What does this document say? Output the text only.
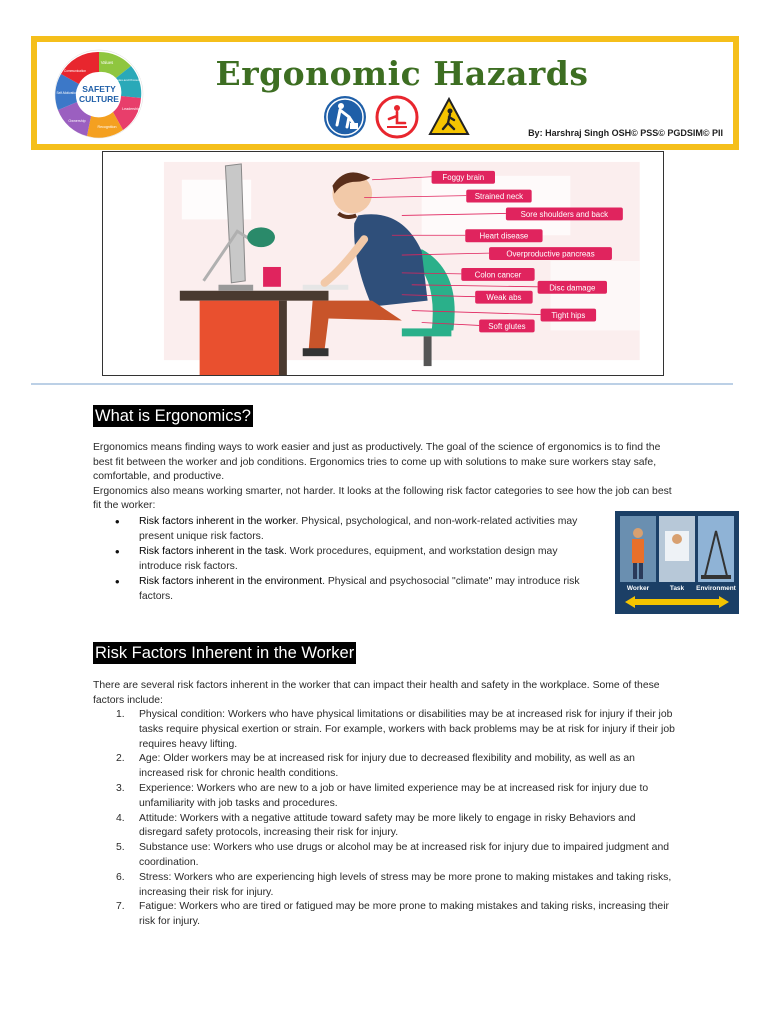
SAFETY
CULTURE
Values
Rules and Procedures
Leadership
Recognition
Ownership
Self-Motivation
Communication	Ergonomic Hazards
By: Harshraj Singh OSH© PSS© PGDSIM© PII
Foggy brain
Strained neck
Sore shoulders and back
Heart disease
Overproductive pancreas
Colon cancer
Disc damage
Weak abs
Tight hips
Soft glutes
What is Ergonomics?

Ergonomics means finding ways to work easier and just as productively. The goal of the science of ergonomics is to find the best fit between the worker and job conditions. Ergonomics tries to come up with solutions to make sure workers stay safe, comfortable, and productive.

Ergonomics also means working smarter, not harder. It looks at the following risk factor categories to see how the job can best fit the worker:

• Risk factors inherent in the worker. Physical, psychological, and non-work-related activities may present unique risk factors.
• Risk factors inherent in the task. Work procedures, equipment, and workstation design may introduce risk factors.
• Risk factors inherent in the environment. Physical and psychosocial "climate" may introduce risk factors.
Worker	Task Environment
Risk Factors Inherent in the Worker

There are several risk factors inherent in the worker that can impact their health and safety in the workplace. Some of these factors include:

1. Physical condition: Workers who have physical limitations or disabilities may be at increased risk for injury if their job tasks require physical exertion or strain. For example, workers with back problems may be at risk for injury if their job requires heavy lifting.
2. Age: Older workers may be at increased risk for injury due to decreased flexibility and mobility, as well as an increased risk for chronic health conditions.
3. Experience: Workers who are new to a job or have limited experience may be at increased risk for injury due to unfamiliarity with job tasks and procedures.
4. Attitude: Workers with a negative attitude toward safety may be more likely to engage in risky Behaviors and disregard safety protocols, increasing their risk for injury.
5. Substance use: Workers who use drugs or alcohol may be at increased risk for injury due to impaired judgment and coordination.
6. Stress: Workers who are experiencing high levels of stress may be more prone to making mistakes and taking risks, increasing their risk for injury.
7. Fatigue: Workers who are tired or fatigued may be more prone to making mistakes and taking risks, increasing their risk for injury.
